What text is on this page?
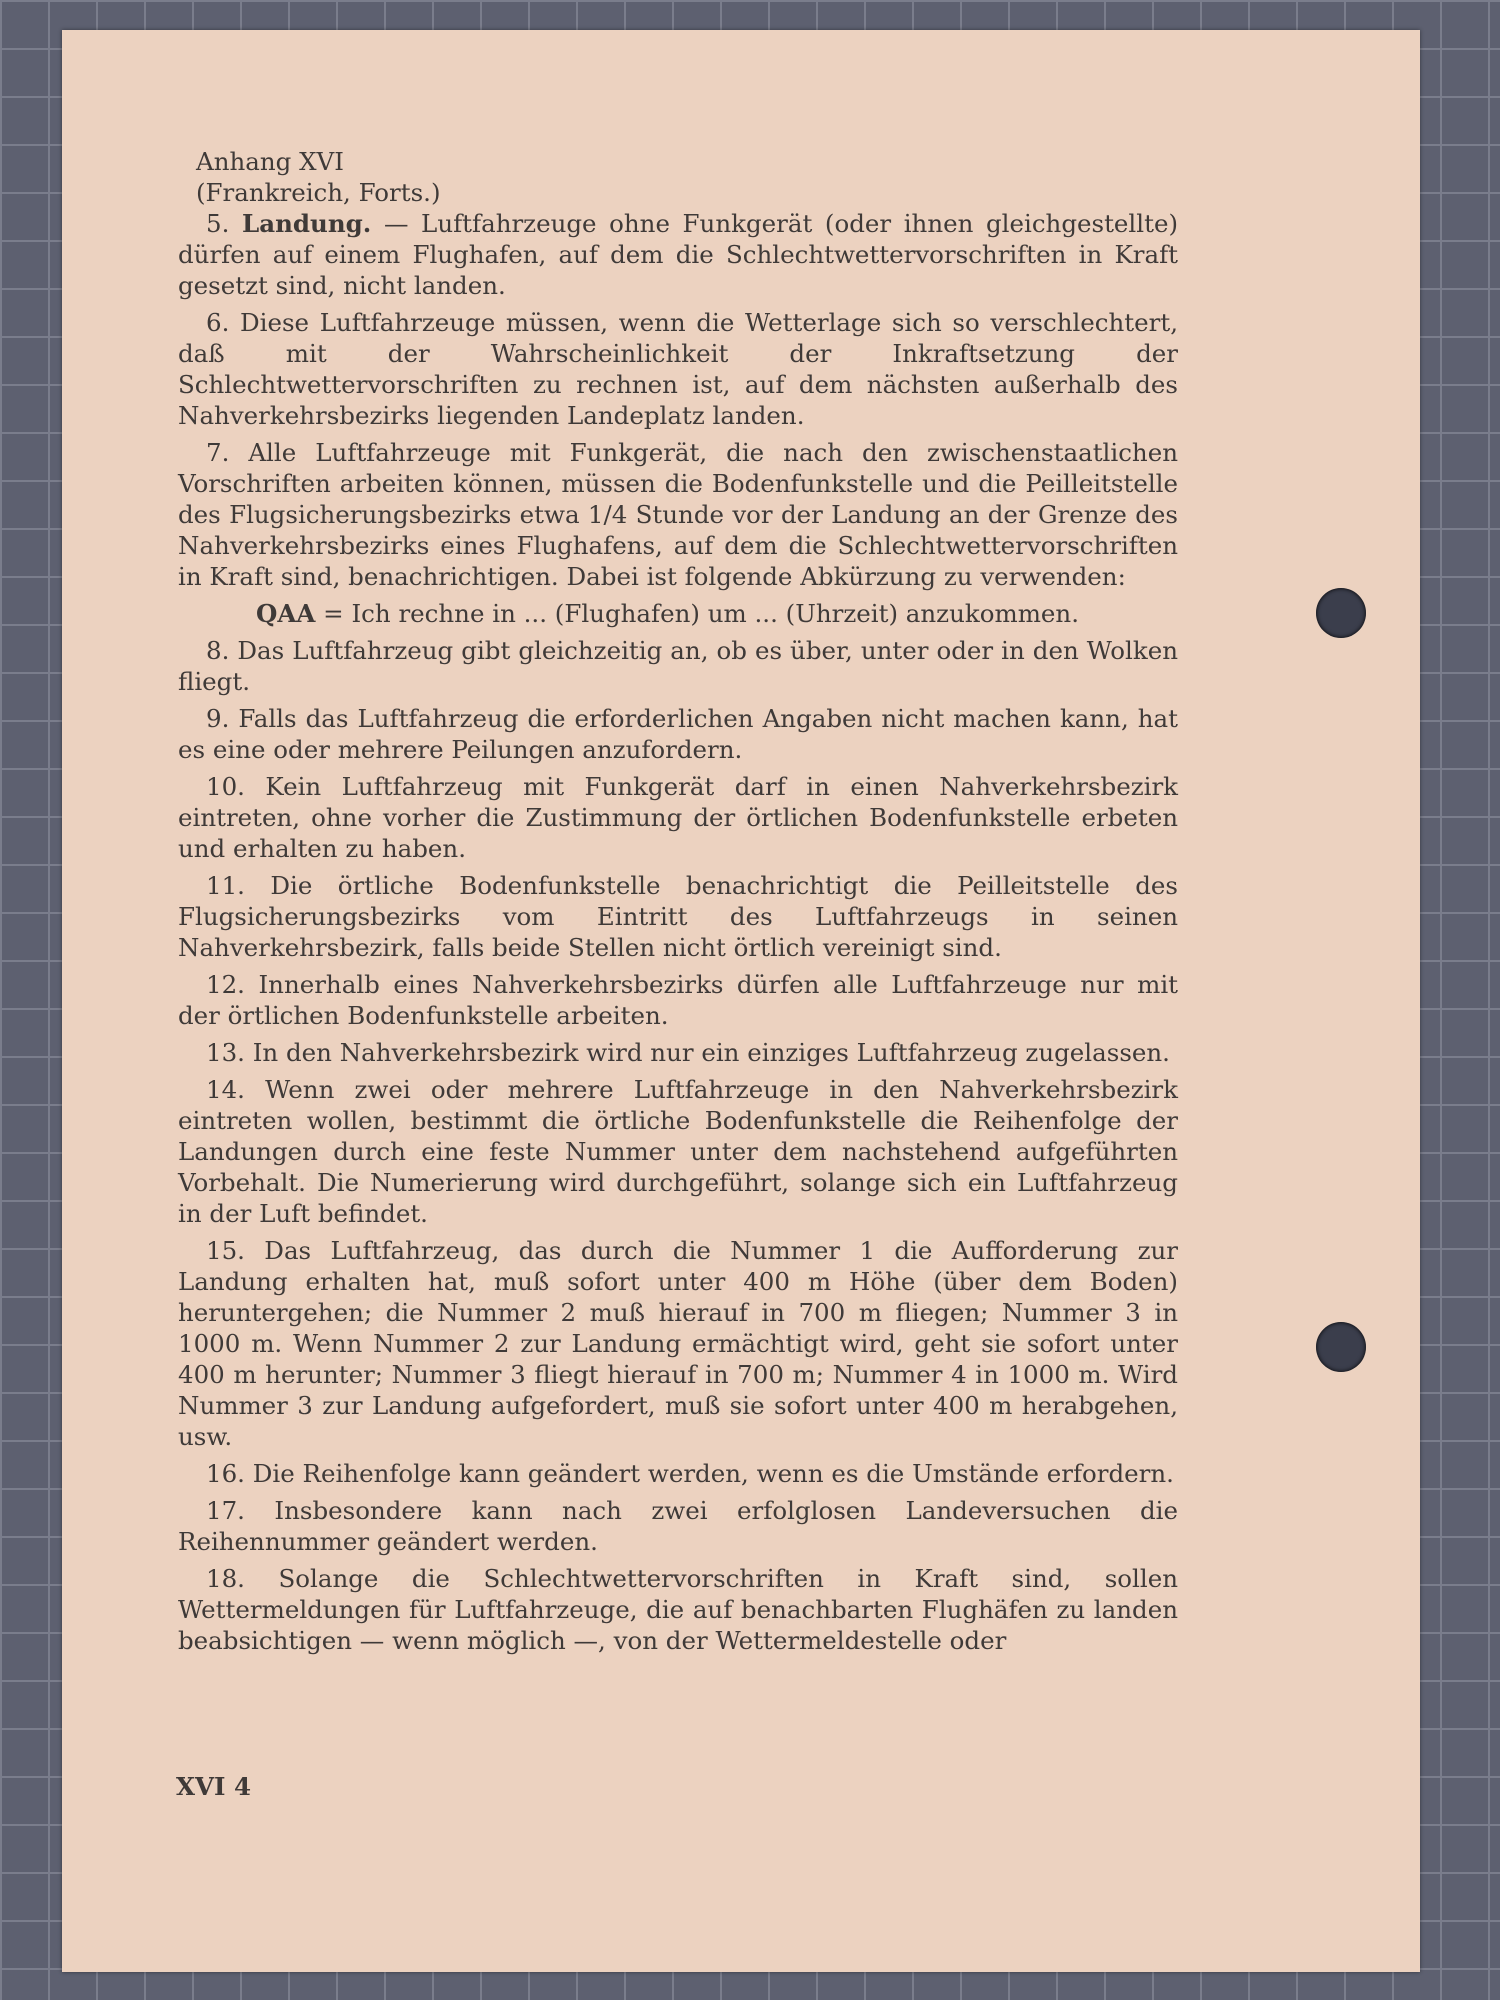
Anhang XVI
(Frankreich, Forts.)

5. Landung. — Luftfahrzeuge ohne Funkgerät (oder ihnen gleichgestellte) dürfen auf einem Flughafen, auf dem die Schlechtwettervorschriften in Kraft gesetzt sind, nicht landen.

6. Diese Luftfahrzeuge müssen, wenn die Wetterlage sich so verschlechtert, daß mit der Wahrscheinlichkeit der Inkraftsetzung der Schlechtwettervorschriften zu rechnen ist, auf dem nächsten außerhalb des Nahverkehrsbezirks liegenden Landeplatz landen.

7. Alle Luftfahrzeuge mit Funkgerät, die nach den zwischenstaatlichen Vorschriften arbeiten können, müssen die Bodenfunkstelle und die Peilleitstelle des Flugsicherungsbezirks etwa 1/4 Stunde vor der Landung an der Grenze des Nahverkehrsbezirks eines Flughafens, auf dem die Schlechtwettervorschriften in Kraft sind, benachrichtigen. Dabei ist folgende Abkürzung zu verwenden:

QAA = Ich rechne in ... (Flughafen) um ... (Uhrzeit) anzukommen.

8. Das Luftfahrzeug gibt gleichzeitig an, ob es über, unter oder in den Wolken fliegt.

9. Falls das Luftfahrzeug die erforderlichen Angaben nicht machen kann, hat es eine oder mehrere Peilungen anzufordern.

10. Kein Luftfahrzeug mit Funkgerät darf in einen Nahverkehrsbezirk eintreten, ohne vorher die Zustimmung der örtlichen Bodenfunkstelle erbeten und erhalten zu haben.

11. Die örtliche Bodenfunkstelle benachrichtigt die Peilleitstelle des Flugsicherungsbezirks vom Eintritt des Luftfahrzeugs in seinen Nahverkehrsbezirk, falls beide Stellen nicht örtlich vereinigt sind.

12. Innerhalb eines Nahverkehrsbezirks dürfen alle Luftfahrzeuge nur mit der örtlichen Bodenfunkstelle arbeiten.

13. In den Nahverkehrsbezirk wird nur ein einziges Luftfahrzeug zugelassen.

14. Wenn zwei oder mehrere Luftfahrzeuge in den Nahverkehrsbezirk eintreten wollen, bestimmt die örtliche Bodenfunkstelle die Reihenfolge der Landungen durch eine feste Nummer unter dem nachstehend aufgeführten Vorbehalt. Die Numerierung wird durchgeführt, solange sich ein Luftfahrzeug in der Luft befindet.

15. Das Luftfahrzeug, das durch die Nummer 1 die Aufforderung zur Landung erhalten hat, muß sofort unter 400 m Höhe (über dem Boden) heruntergehen; die Nummer 2 muß hierauf in 700 m fliegen; Nummer 3 in 1000 m. Wenn Nummer 2 zur Landung ermächtigt wird, geht sie sofort unter 400 m herunter; Nummer 3 fliegt hierauf in 700 m; Nummer 4 in 1000 m. Wird Nummer 3 zur Landung aufgefordert, muß sie sofort unter 400 m herabgehen, usw.

16. Die Reihenfolge kann geändert werden, wenn es die Umstände erfordern.

17. Insbesondere kann nach zwei erfolglosen Landeversuchen die Reihennummer geändert werden.

18. Solange die Schlechtwettervorschriften in Kraft sind, sollen Wettermeldungen für Luftfahrzeuge, die auf benachbarten Flughäfen zu landen beabsichtigen — wenn möglich —, von der Wettermeldestelle oder

XVI 4
